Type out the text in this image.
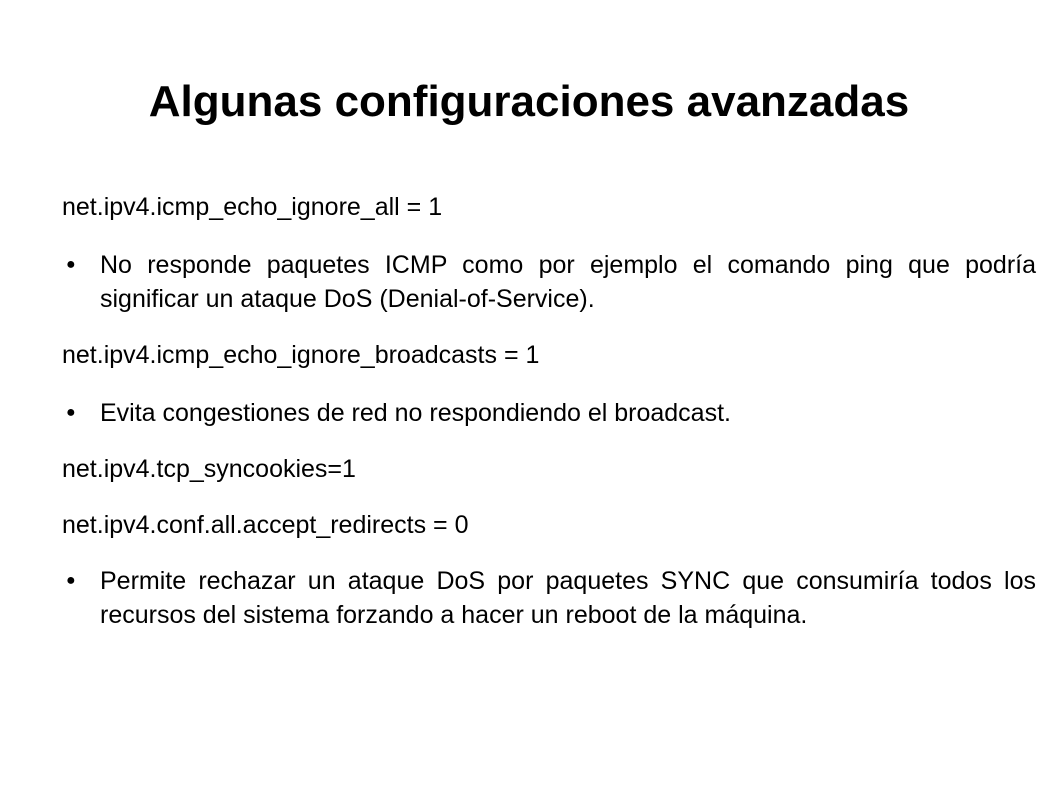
Algunas configuraciones avanzadas

net.ipv4.icmp_echo_ignore_all = 1

● No responde paquetes ICMP como por ejemplo el comando ping que podría significar un ataque DoS (Denial-of-Service).

net.ipv4.icmp_echo_ignore_broadcasts = 1

● Evita congestiones de red no respondiendo el broadcast.

net.ipv4.tcp_syncookies=1

net.ipv4.conf.all.accept_redirects = 0

● Permite rechazar un ataque DoS por paquetes SYNC que consumiría todos los recursos del sistema forzando a hacer un reboot de la máquina.
